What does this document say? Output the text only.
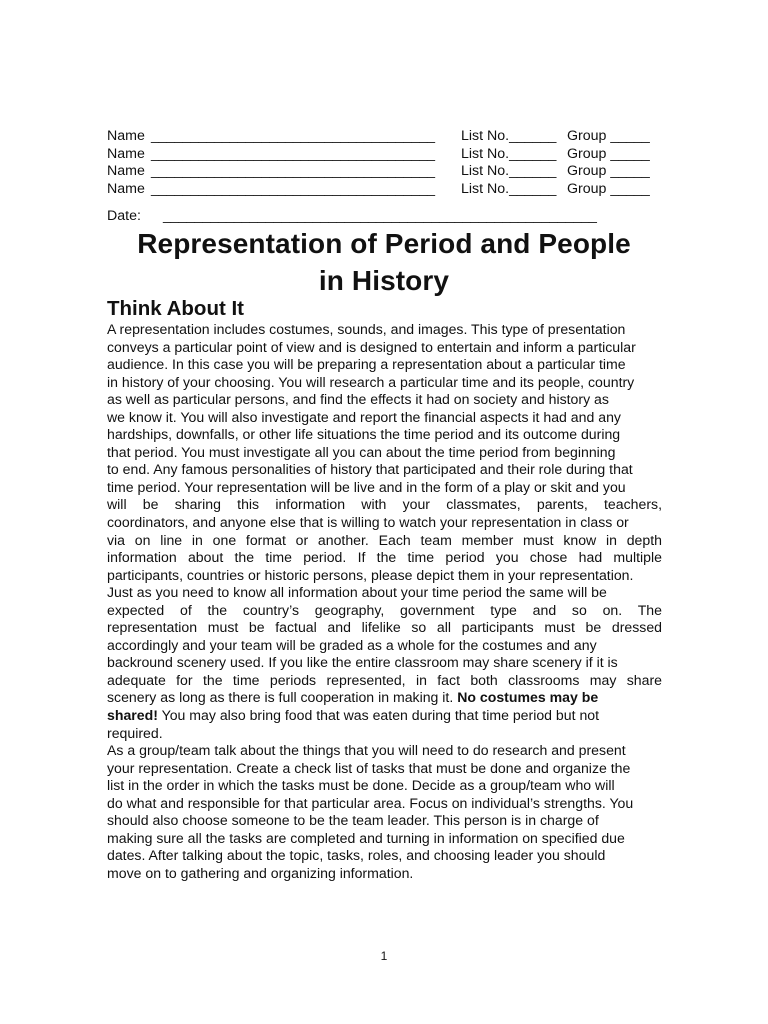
Name ____________________________________	List No.______ Group _____
Name ____________________________________	List No.______ Group _____
Name ____________________________________	List No.______ Group _____
Name ____________________________________	List No.______ Group _____
Date: _______________________________________________________
Representation of Period and People
in History
Think About It
A representation includes costumes, sounds, and images. This type of presentation
conveys a particular point of view and is designed to entertain and inform a particular
audience. In this case you will be preparing a representation about a particular time
in history of your choosing. You will research a particular time and its people, country
as well as particular persons, and find the effects it had on society and history as
we know it. You will also investigate and report the financial aspects it had and any
hardships, downfalls, or other life situations the time period and its outcome during
that period. You must investigate all you can about the time period from beginning
to end. Any famous personalities of history that participated and their role during that
time period. Your representation will be live and in the form of a play or skit and you
will be sharing this information with your classmates, parents, teachers,
coordinators, and anyone else that is willing to watch your representation in class or
via on line in one format or another. Each team member must know in depth
information about the time period. If the time period you chose had multiple
participants, countries or historic persons, please depict them in your representation.
Just as you need to know all information about your time period the same will be
expected of the country’s geography, government type and so on. The
representation must be factual and lifelike so all participants must be dressed
accordingly and your team will be graded as a whole for the costumes and any
backround scenery used. If you like the entire classroom may share scenery if it is
adequate for the time periods represented, in fact both classrooms may share
scenery as long as there is full cooperation in making it. No costumes may be
shared! You may also bring food that was eaten during that time period but not
required.
As a group/team talk about the things that you will need to do research and present
your representation. Create a check list of tasks that must be done and organize the
list in the order in which the tasks must be done. Decide as a group/team who will
do what and responsible for that particular area. Focus on individual’s strengths. You
should also choose someone to be the team leader. This person is in charge of
making sure all the tasks are completed and turning in information on specified due
dates. After talking about the topic, tasks, roles, and choosing leader you should
move on to gathering and organizing information.
1
